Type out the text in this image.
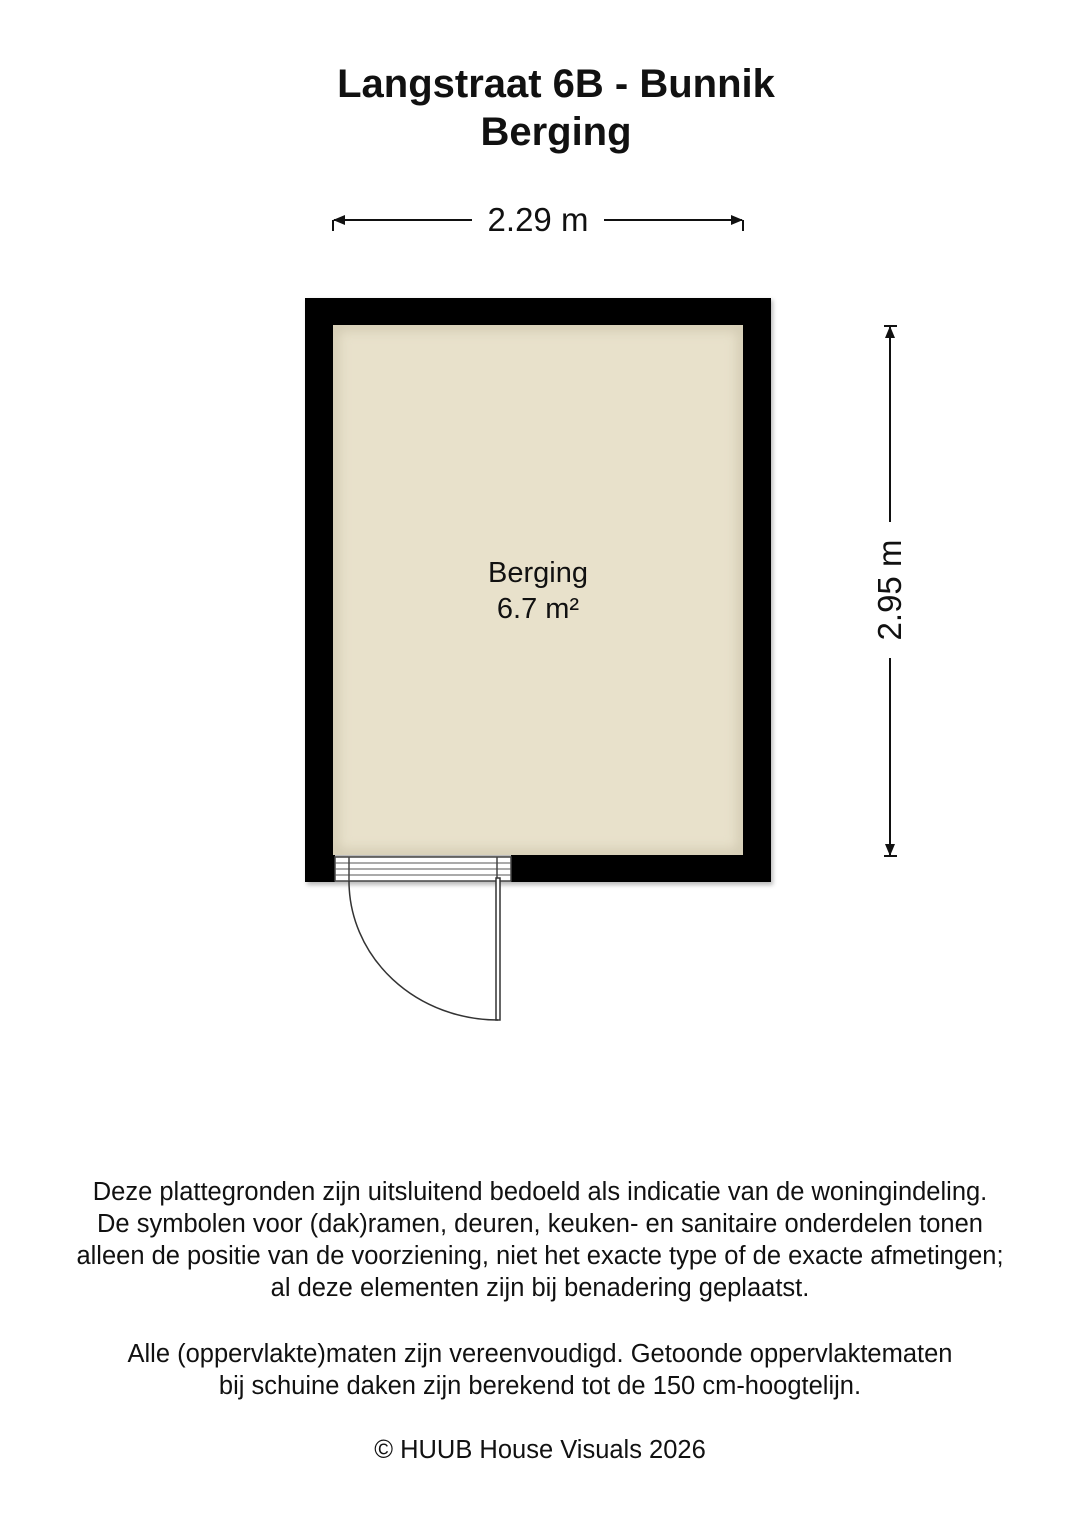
Langstraat 6B - Bunnik
Berging
2.29 m
2.95 m
Berging
6.7 m²

Deze plattegronden zijn uitsluitend bedoeld als indicatie van de woningindeling.

De symbolen voor (dak)ramen, deuren, keuken- en sanitaire onderdelen tonen

alleen de positie van de voorziening, niet het exacte type of de exacte afmetingen;

al deze elementen zijn bij benadering geplaatst.

Alle (oppervlakte)maten zijn vereenvoudigd. Getoonde oppervlaktematen

bij schuine daken zijn berekend tot de 150 cm-hoogtelijn.

© HUUB House Visuals 2026
